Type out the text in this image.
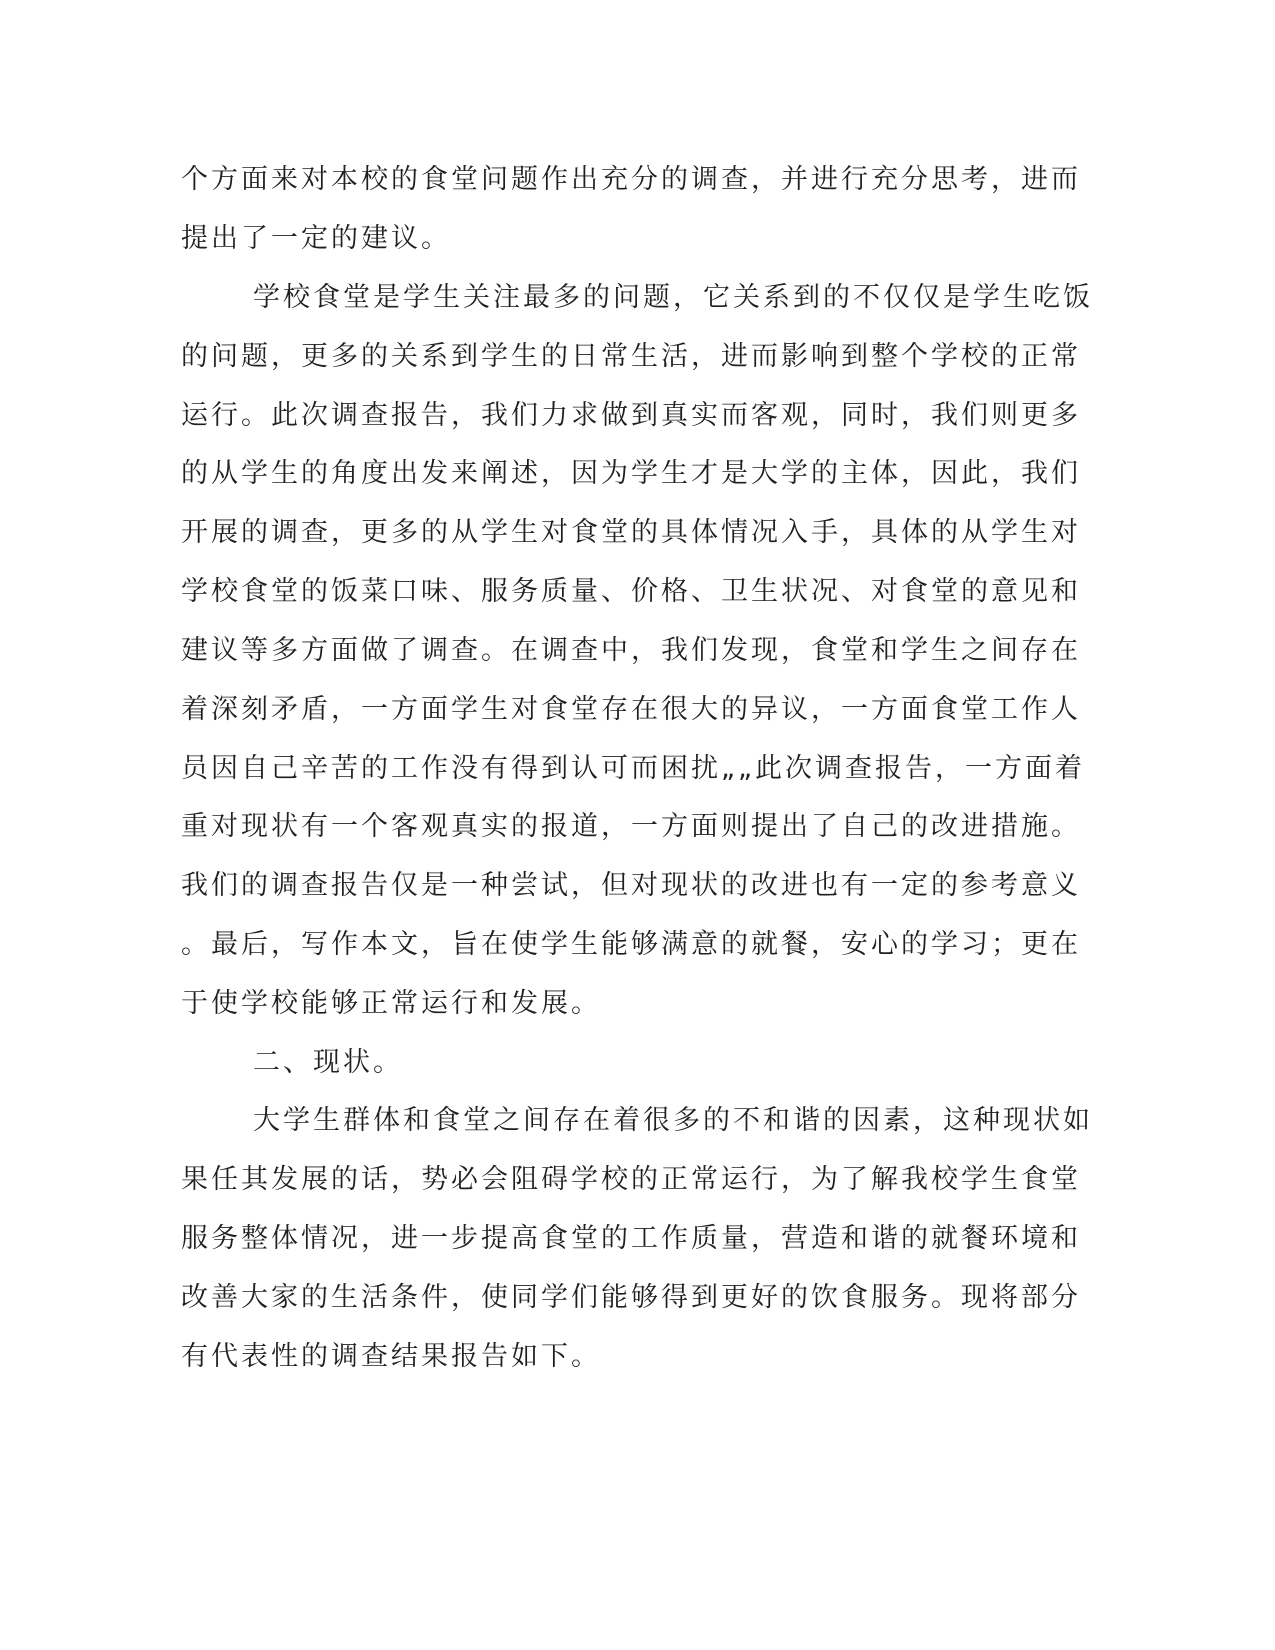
个方面来对本校的食堂问题作出充分的调查，并进行充分思考，进而

提出了一定的建议。

学校食堂是学生关注最多的问题，它关系到的不仅仅是学生吃饭

的问题，更多的关系到学生的日常生活，进而影响到整个学校的正常

运行。此次调查报告，我们力求做到真实而客观，同时，我们则更多

的从学生的角度出发来阐述，因为学生才是大学的主体，因此，我们

开展的调查，更多的从学生对食堂的具体情况入手，具体的从学生对

学校食堂的饭菜口味、服务质量、价格、卫生状况、对食堂的意见和

建议等多方面做了调查。在调查中，我们发现，食堂和学生之间存在

着深刻矛盾，一方面学生对食堂存在很大的异议，一方面食堂工作人

员因自己辛苦的工作没有得到认可而困扰„„此次调查报告，一方面着

重对现状有一个客观真实的报道，一方面则提出了自己的改进措施。

我们的调查报告仅是一种尝试，但对现状的改进也有一定的参考意义

。最后，写作本文，旨在使学生能够满意的就餐，安心的学习；更在

于使学校能够正常运行和发展。

二、现状。

大学生群体和食堂之间存在着很多的不和谐的因素，这种现状如

果任其发展的话，势必会阻碍学校的正常运行，为了解我校学生食堂

服务整体情况，进一步提高食堂的工作质量，营造和谐的就餐环境和

改善大家的生活条件，使同学们能够得到更好的饮食服务。现将部分

有代表性的调查结果报告如下。
